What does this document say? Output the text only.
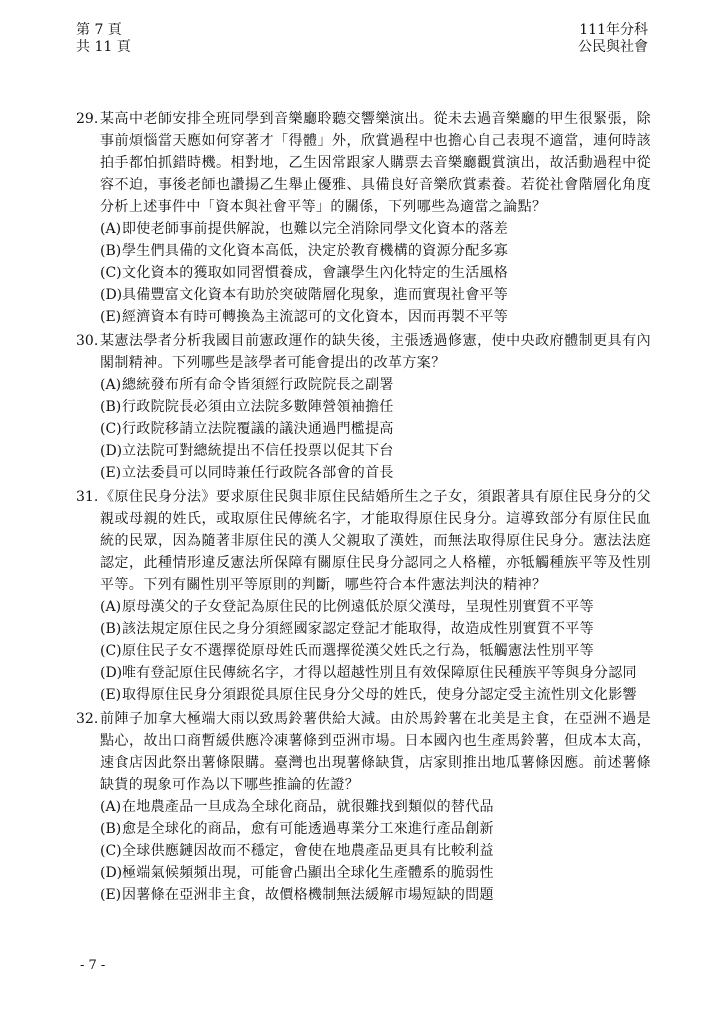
第 7 頁
共 11 頁
111年分科
公民與社會
29. 某高中老師安排全班同學到音樂廳聆聽交響樂演出。從未去過音樂廳的甲生很緊張，除事前煩惱當天應如何穿著才「得體」外，欣賞過程中也擔心自己表現不適當，連何時該拍手都怕抓錯時機。相對地，乙生因常跟家人購票去音樂廳觀賞演出，故活動過程中從容不迫，事後老師也讚揚乙生舉止優雅、具備良好音樂欣賞素養。若從社會階層化角度分析上述事件中「資本與社會平等」的關係，下列哪些為適當之論點？
(A) 即使老師事前提供解說，也難以完全消除同學文化資本的落差
(B) 學生們具備的文化資本高低，決定於教育機構的資源分配多寡
(C) 文化資本的獲取如同習慣養成，會讓學生內化特定的生活風格
(D) 具備豐富文化資本有助於突破階層化現象，進而實現社會平等
(E) 經濟資本有時可轉換為主流認可的文化資本，因而再製不平等
30. 某憲法學者分析我國目前憲政運作的缺失後，主張透過修憲，使中央政府體制更具有內閣制精神。下列哪些是該學者可能會提出的改革方案？
(A) 總統發布所有命令皆須經行政院院長之副署
(B) 行政院院長必須由立法院多數陣營領袖擔任
(C) 行政院移請立法院覆議的議決通過門檻提高
(D) 立法院可對總統提出不信任投票以促其下台
(E) 立法委員可以同時兼任行政院各部會的首長
31. 《原住民身分法》要求原住民與非原住民結婚所生之子女，須跟著具有原住民身分的父親或母親的姓氏，或取原住民傳統名字，才能取得原住民身分。這導致部分有原住民血統的民眾，因為隨著非原住民的漢人父親取了漢姓，而無法取得原住民身分。憲法法庭認定，此種情形違反憲法所保障有關原住民身分認同之人格權，亦牴觸種族平等及性別平等。下列有關性別平等原則的判斷，哪些符合本件憲法判決的精神？
(A) 原母漢父的子女登記為原住民的比例遠低於原父漢母，呈現性別實質不平等
(B) 該法規定原住民之身分須經國家認定登記才能取得，故造成性別實質不平等
(C) 原住民子女不選擇從原母姓氏而選擇從漢父姓氏之行為，牴觸憲法性別平等
(D) 唯有登記原住民傳統名字，才得以超越性別且有效保障原住民種族平等與身分認同
(E) 取得原住民身分須跟從具原住民身分父母的姓氏，使身分認定受主流性別文化影響
32. 前陣子加拿大極端大雨以致馬鈴薯供給大減。由於馬鈴薯在北美是主食，在亞洲不過是點心，故出口商暫緩供應冷凍薯條到亞洲市場。日本國內也生產馬鈴薯，但成本太高，速食店因此祭出薯條限購。臺灣也出現薯條缺貨，店家則推出地瓜薯條因應。前述薯條缺貨的現象可作為以下哪些推論的佐證？
(A) 在地農產品一旦成為全球化商品，就很難找到類似的替代品
(B) 愈是全球化的商品，愈有可能透過專業分工來進行產品創新
(C) 全球供應鏈因故而不穩定，會使在地農產品更具有比較利益
(D) 極端氣候頻頻出現，可能會凸顯出全球化生產體系的脆弱性
(E) 因薯條在亞洲非主食，故價格機制無法緩解市場短缺的問題
- 7 -
